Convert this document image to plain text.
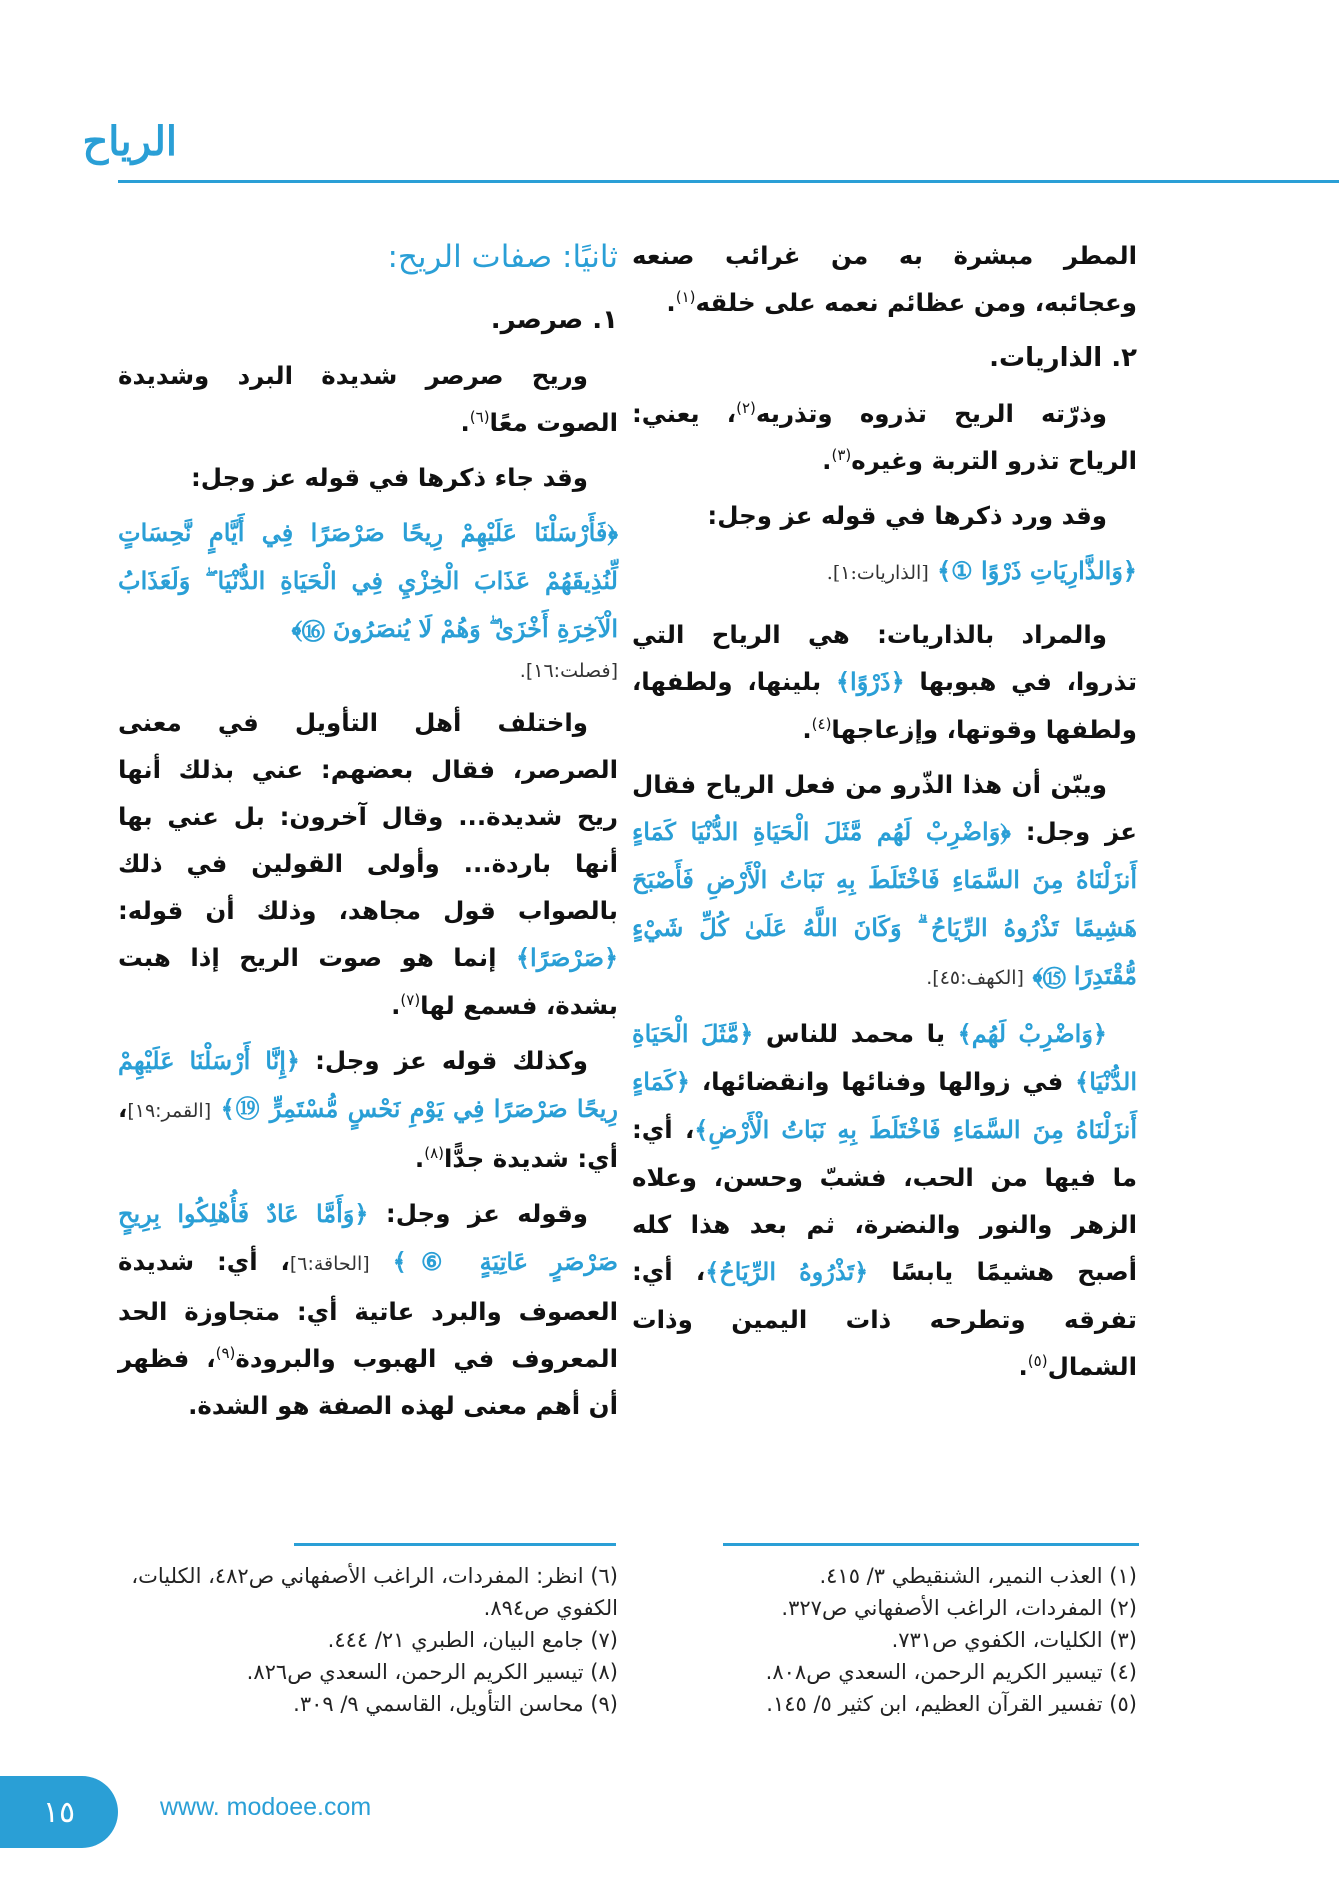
الرياح

المطر مبشرة به من غرائب صنعه وعجائبه، ومن عظائم نعمه على خلقه$^{(١)}$.

٢. الذاريات.

وذرّته الريح تذروه وتذريه$^{(٢)}$، يعني: الرياح تذرو التربة وغيره$^{(٣)}$.

وقد ورد ذكرها في قوله عز وجل:

﴿وَالذَّارِيَاتِ ذَرْوًا ①﴾ [الذاريات:١].

والمراد بالذاريات: هي الرياح التي تذروا، في هبوبها ﴿ذَرْوًا﴾ بلينها، ولطفها، ولطفها وقوتها، وإزعاجها$^{(٤)}$.

ويبّن أن هذا الذّرو من فعل الرياح فقال عز وجل: ﴿وَاضْرِبْ لَهُم مَّثَلَ الْحَيَاةِ الدُّنْيَا كَمَاءٍ أَنزَلْنَاهُ مِنَ السَّمَاءِ فَاخْتَلَطَ بِهِ نَبَاتُ الْأَرْضِ فَأَصْبَحَ هَشِيمًا تَذْرُوهُ الرِّيَاحُ ۗ وَكَانَ اللَّهُ عَلَىٰ كُلِّ شَيْءٍ مُّقْتَدِرًا ⑮﴾ [الكهف:٤٥].

﴿وَاضْرِبْ لَهُم﴾ يا محمد للناس ﴿مَّثَلَ الْحَيَاةِ الدُّنْيَا﴾ في زوالها وفنائها وانقضائها، ﴿كَمَاءٍ أَنزَلْنَاهُ مِنَ السَّمَاءِ فَاخْتَلَطَ بِهِ نَبَاتُ الْأَرْضِ﴾، أي: ما فيها من الحب، فشبّ وحسن، وعلاه الزهر والنور والنضرة، ثم بعد هذا كله أصبح هشيمًا يابسًا ﴿تَذْرُوهُ الرِّيَاحُ﴾، أي: تفرقه وتطرحه ذات اليمين وذات الشمال$^{(٥)}$.

ثانيًا: صفات الريح:

١. صرصر.

وريح صرصر شديدة البرد وشديدة الصوت معًا$^{(٦)}$.

وقد جاء ذكرها في قوله عز وجل:

﴿فَأَرْسَلْنَا عَلَيْهِمْ رِيحًا صَرْصَرًا فِي أَيَّامٍ نَّحِسَاتٍ لِّنُذِيقَهُمْ عَذَابَ الْخِزْيِ فِي الْحَيَاةِ الدُّنْيَا ۖ وَلَعَذَابُ الْآخِرَةِ أَخْزَىٰ ۖ وَهُمْ لَا يُنصَرُونَ ⑯﴾

[فصلت:١٦].

واختلف أهل التأويل في معنى الصرصر، فقال بعضهم: عني بذلك أنها ريح شديدة... وقال آخرون: بل عني بها أنها باردة... وأولى القولين في ذلك بالصواب قول مجاهد، وذلك أن قوله: ﴿صَرْصَرًا﴾ إنما هو صوت الريح إذا هبت بشدة، فسمع لها$^{(٧)}$.

وكذلك قوله عز وجل: ﴿إِنَّا أَرْسَلْنَا عَلَيْهِمْ رِيحًا صَرْصَرًا فِي يَوْمِ نَحْسٍ مُّسْتَمِرٍّ ⑲﴾ [القمر:١٩]، أي: شديدة جدًّا$^{(٨)}$.

وقوله عز وجل: ﴿وَأَمَّا عَادٌ فَأُهْلِكُوا بِرِيحٍ صَرْصَرٍ عَاتِيَةٍ ⑥﴾ [الحاقة:٦]، أي: شديدة العصوف والبرد عاتية أي: متجاوزة الحد المعروف في الهبوب والبرودة$^{(٩)}$، فظهر أن أهم معنى لهذه الصفة هو الشدة.

(١) العذب النمير، الشنقيطي ٣/ ٤١٥.
(٢) المفردات، الراغب الأصفهاني ص٣٢٧.
(٣) الكليات، الكفوي ص٧٣١.
(٤) تيسير الكريم الرحمن، السعدي ص٨٠٨.
(٥) تفسير القرآن العظيم، ابن كثير ٥/ ١٤٥.
(٦) انظر: المفردات، الراغب الأصفهاني ص٤٨٢، الكليات، الكفوي ص٨٩٤.
(٧) جامع البيان، الطبري ٢١/ ٤٤٤.
(٨) تيسير الكريم الرحمن، السعدي ص٨٢٦.
(٩) محاسن التأويل، القاسمي ٩/ ٣٠٩.
١٥	www. modoee.com
